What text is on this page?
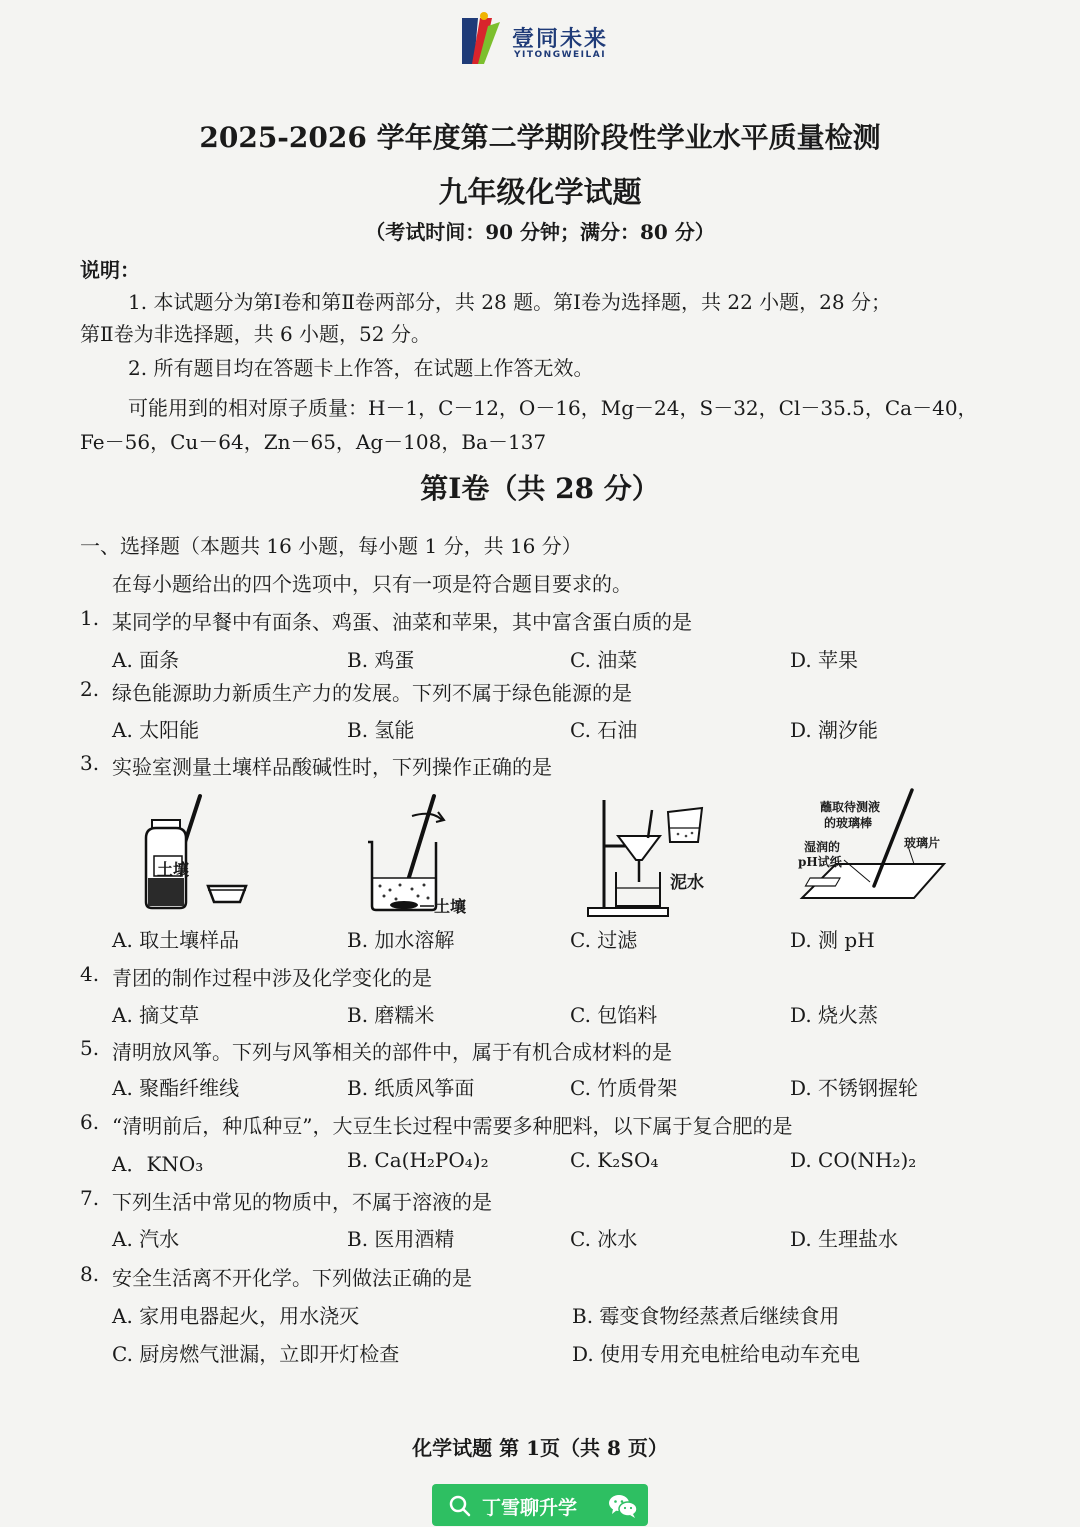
壹同未来
YITONGWEILAI
2025-2026 学年度第二学期阶段性学业水平质量检测
九年级化学试题
（考试时间：90 分钟；满分：80 分）
说明：
1. 本试题分为第Ⅰ卷和第Ⅱ卷两部分，共 28 题。第Ⅰ卷为选择题，共 22 小题，28 分；
第Ⅱ卷为非选择题，共 6 小题，52 分。
2. 所有题目均在答题卡上作答，在试题上作答无效。
可能用到的相对原子质量：H－1，C－12，O－16，Mg－24，S－32，Cl－35.5，Ca－40，
Fe－56，Cu－64，Zn－65，Ag－108，Ba－137
第Ⅰ卷（共 28 分）
一、选择题（本题共 16 小题，每小题 1 分，共 16 分）
在每小题给出的四个选项中，只有一项是符合题目要求的。
1. 某同学的早餐中有面条、鸡蛋、油菜和苹果，其中富含蛋白质的是
A. 面条	B. 鸡蛋	C. 油菜	D. 苹果
2. 绿色能源助力新质生产力的发展。下列不属于绿色能源的是
A. 太阳能	B. 氢能	C. 石油	D. 潮汐能
3. 实验室测量土壤样品酸碱性时，下列操作正确的是
土壤
土壤
泥水
蘸取待测液
的玻璃棒
湿润的
pH试纸
玻璃片
A. 取土壤样品	B. 加水溶解	C. 过滤	D. 测 pH
4. 青团的制作过程中涉及化学变化的是
A. 摘艾草	B. 磨糯米	C. 包馅料	D. 烧火蒸
5. 清明放风筝。下列与风筝相关的部件中，属于有机合成材料的是
A. 聚酯纤维线	B. 纸质风筝面	C. 竹质骨架	D. 不锈钢握轮
6. “清明前后，种瓜种豆”，大豆生长过程中需要多种肥料，以下属于复合肥的是
A．KNO₃	B. Ca(H₂PO₄)₂	C. K₂SO₄	D. CO(NH₂)₂
7. 下列生活中常见的物质中，不属于溶液的是
A. 汽水	B. 医用酒精	C. 冰水	D. 生理盐水
8. 安全生活离不开化学。下列做法正确的是
A. 家用电器起火，用水浇灭	B. 霉变食物经蒸煮后继续食用
C. 厨房燃气泄漏，立即开灯检查	D. 使用专用充电桩给电动车充电
化学试题 第 1页（共 8 页）
丁雪聊升学
